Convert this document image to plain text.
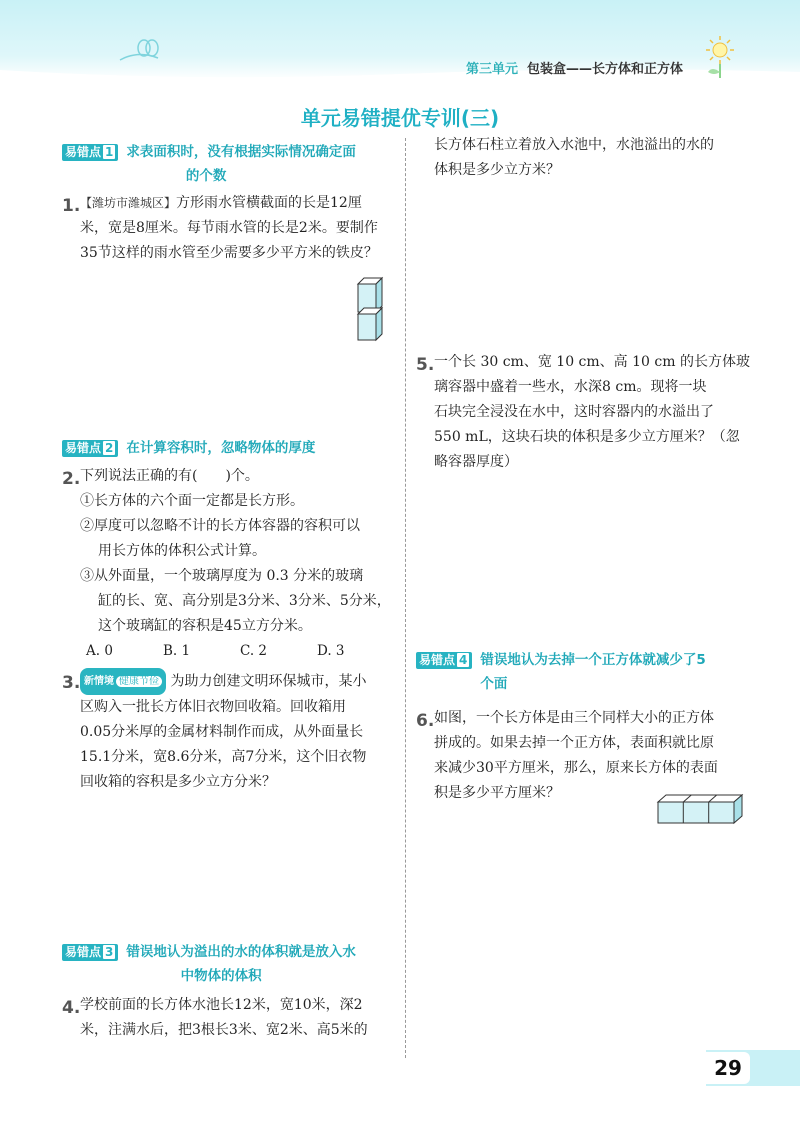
第三单元 包装盒——长方体和正方体
单元易错提优专训(三)
易错点 1 求表面积时，没有根据实际情况确定面
的个数
1. 【潍坊市潍城区】方形雨水管横截面的长是12厘
米，宽是8厘米。每节雨水管的长是2米。要制作
35节这样的雨水管至少需要多少平方米的铁皮？
易错点 2 在计算容积时，忽略物体的厚度
2. 下列说法正确的有(　　)个。
①长方体的六个面一定都是长方形。
②厚度可以忽略不计的长方体容器的容积可以
用长方体的体积公式计算。
③从外面量，一个玻璃厚度为 0.3 分米的玻璃
缸的长、宽、高分别是3分米、3分米、5分米，
这个玻璃缸的容积是45立方分米。
A. 0	B. 1	C. 2	D. 3
3. 新情境 健康节俭 为助力创建文明环保城市，某小
区购入一批长方体旧衣物回收箱。回收箱用
0.05分米厚的金属材料制作而成，从外面量长
15.1分米，宽8.6分米，高7分米，这个旧衣物
回收箱的容积是多少立方分米？
易错点 3 错误地认为溢出的水的体积就是放入水
中物体的体积
4. 学校前面的长方体水池长12米，宽10米，深2
米，注满水后，把3根长3米、宽2米、高5米的
长方体石柱立着放入水池中，水池溢出的水的
体积是多少立方米？
5. 一个长 30 cm、宽 10 cm、高 10 cm 的长方体玻
璃容器中盛着一些水，水深8 cm。现将一块
石块完全浸没在水中，这时容器内的水溢出了
550 mL，这块石块的体积是多少立方厘米？（忽
略容器厚度）
易错点 4 错误地认为去掉一个正方体就减少了5
个面
6. 如图，一个长方体是由三个同样大小的正方体
拼成的。如果去掉一个正方体，表面积就比原
来减少30平方厘米，那么，原来长方体的表面
积是多少平方厘米？
29
